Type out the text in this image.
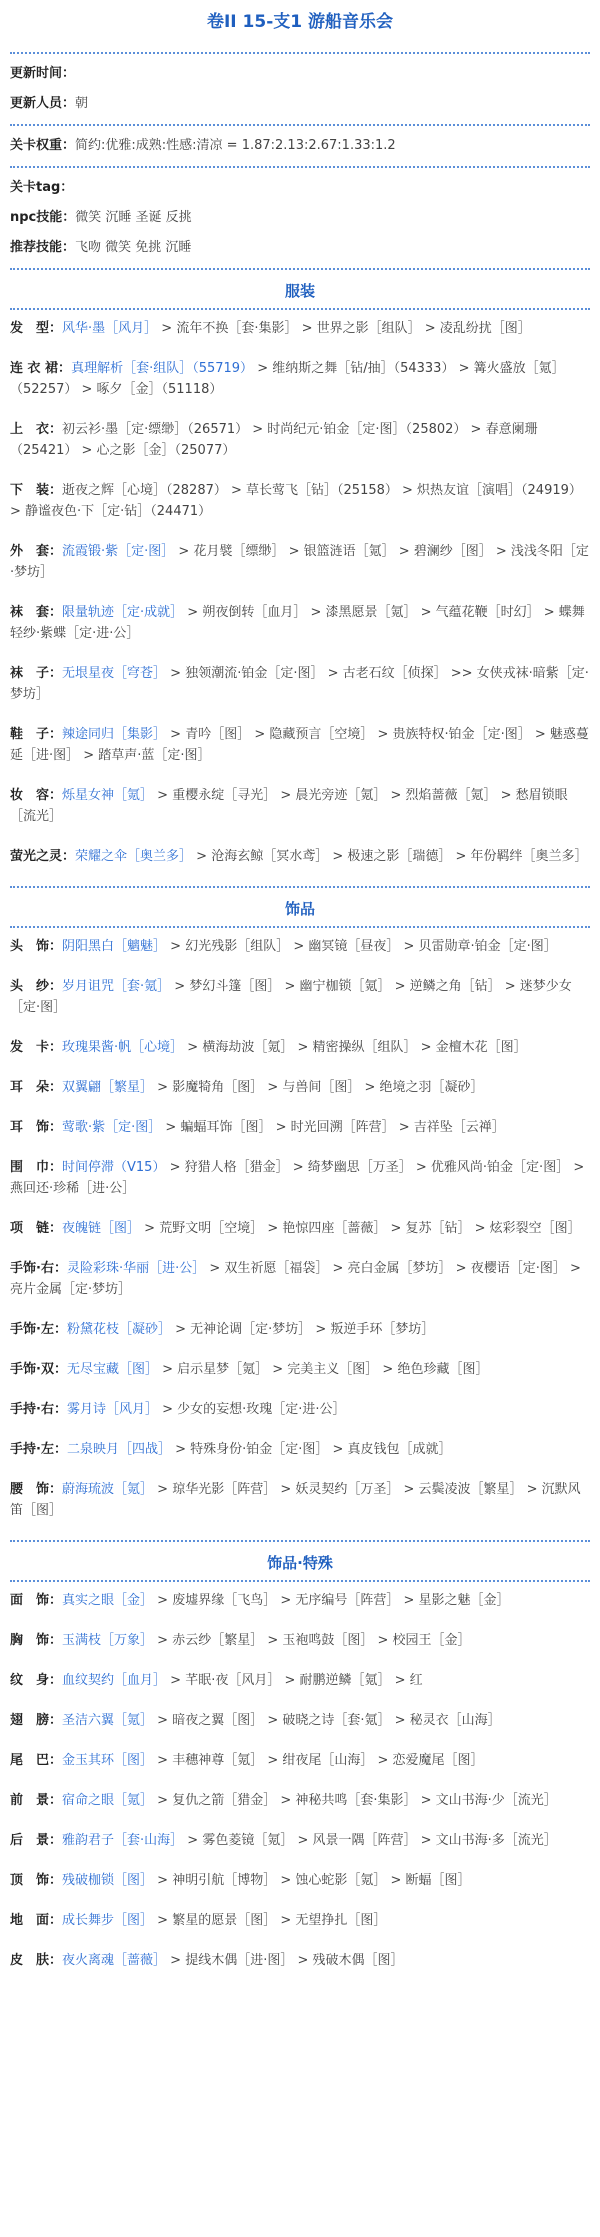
卷II 15-支1 游船音乐会
更新时间：
更新人员：朝
关卡权重：简约:优雅:成熟:性感:清凉 = 1.87:2.13:2.67:1.33:1.2
关卡tag：
npc技能：微笑 沉睡 圣诞 反挑
推荐技能：飞吻 微笑 免挑 沉睡
服装
发　型：风华·墨［风月］ > 流年不换［套·集影］ > 世界之影［组队］ > 凌乱纷扰［图］
连 衣 裙：真理解析［套·组队］（55719） > 维纳斯之舞［钻/抽］（54333） > 篝火盛放［氪］（52257） > 啄夕［金］（51118）
上　衣：初云衫·墨［定·缥缈］（26571） > 时尚纪元·铂金［定·图］（25802） > 春意阑珊（25421） > 心之影［金］（25077）
下　装：逝夜之辉［心境］（28287） > 草长莺飞［钻］（25158） > 炽热友谊［演唱］（24919） > 静谧夜色·下［定·钻］（24471）
外　套：流霞锻·紫［定·图］ > 花月襞［缥缈］ > 银篮涟语［氪］ > 碧澜纱［图］ > 浅浅冬阳［定·梦坊］
袜　套：限量轨迹［定·成就］ > 朔夜倒转［血月］ > 漆黑愿景［氪］ > 气蕴花鞭［时幻］ > 蝶舞轻纱·紫蝶［定·进·公］
袜　子：无垠星夜［穹苍］ > 独领潮流·铂金［定·图］ > 古老石纹［侦探］ >> 女侠戎袜·暗紫［定·梦坊］
鞋　子：辣途同归［集影］ > 青吟［图］ > 隐藏预言［空境］ > 贵族特权·铂金［定·图］ > 魅惑蔓延［进·图］ > 踏草声·蓝［定·图］
妆　容：烁星女神［氪］ > 重樱永绽［寻光］ > 晨光旁迹［氪］ > 烈焰蔷薇［氪］ > 愁眉锁眼［流光］
萤光之灵：荣耀之伞［奥兰多］ > 沧海玄鲸［冥水鸢］ > 极速之影［瑞德］ > 年份羁绊［奥兰多］
饰品
头　饰：阴阳黑白［魑魅］ > 幻光残影［组队］ > 幽冥镜［昼夜］ > 贝雷勋章·铂金［定·图］
头　纱：岁月诅咒［套·氪］ > 梦幻斗篷［图］ > 幽宁枷锁［氪］ > 逆鳞之角［钻］ > 迷梦少女［定·图］
发　卡：玫瑰果酱·帆［心境］ > 横海劫波［氪］ > 精密操纵［组队］ > 金檀木花［图］
耳　朵：双翼翩［繁星］ > 影魔犄角［图］ > 与兽间［图］ > 绝境之羽［凝砂］
耳　饰：莺歌·紫［定·图］ > 蝙蝠耳饰［图］ > 时光回溯［阵营］ > 吉祥坠［云禅］
围　巾：时间停滞（V15） > 狩猎人格［猎金］ > 绮梦幽思［万圣］ > 优雅风尚·铂金［定·图］ > 燕回还·珍稀［进·公］
项　链：夜魄链［图］ > 荒野文明［空境］ > 艳惊四座［蔷薇］ > 复苏［钻］ > 炫彩裂空［图］
手饰·右：灵险彩珠·华丽［进·公］ > 双生祈愿［福袋］ > 亮白金属［梦坊］ > 夜櫻语［定·图］ > 亮片金属［定·梦坊］
手饰·左：粉黛花枝［凝砂］ > 无神论调［定·梦坊］ > 叛逆手环［梦坊］
手饰·双：无尽宝藏［图］ > 启示星梦［氪］ > 完美主义［图］ > 绝色珍藏［图］
手持·右：雾月诗［风月］ > 少女的妄想·玫瑰［定·进·公］
手持·左：二泉映月［四战］ > 特殊身份·铂金［定·图］ > 真皮钱包［成就］
腰　饰：蔚海琉波［氪］ > 琼华光影［阵营］ > 妖灵契约［万圣］ > 云鬓凌波［繁星］ > 沉默风笛［图］
饰品·特殊
面　饰：真实之眼［金］ > 废墟界缘［飞鸟］ > 无序编号［阵营］ > 星影之魅［金］
胸　饰：玉满枝［万象］ > 赤云纱［繁星］ > 玉袍鸣鼓［图］ > 校园王［金］
纹　身：血纹契约［血月］ > 芊眠·夜［风月］ > 耐鹏逆鳞［氪］ > 红
翅　膀：圣洁六翼［氪］ > 暗夜之翼［图］ > 破晓之诗［套·氪］ > 秘灵衣［山海］
尾　巴：金玉其环［图］ > 丰穗神尊［氪］ > 绀夜尾［山海］ > 恋爱魔尾［图］
前　景：宿命之眼［氪］ > 复仇之箭［猎金］ > 神秘共鸣［套·集影］ > 文山书海·少［流光］
后　景：雅韵君子［套·山海］ > 雾色菱镜［氪］ > 风景一隅［阵营］ > 文山书海·多［流光］
顶　饰：残破枷锁［图］ > 神明引航［博物］ > 蚀心蛇影［氪］ > 断蝠［图］
地　面：成长舞步［图］ > 繁星的愿景［图］ > 无望挣扎［图］
皮　肤：夜火离魂［蔷薇］ > 提线木偶［进·图］ > 残破木偶［图］
